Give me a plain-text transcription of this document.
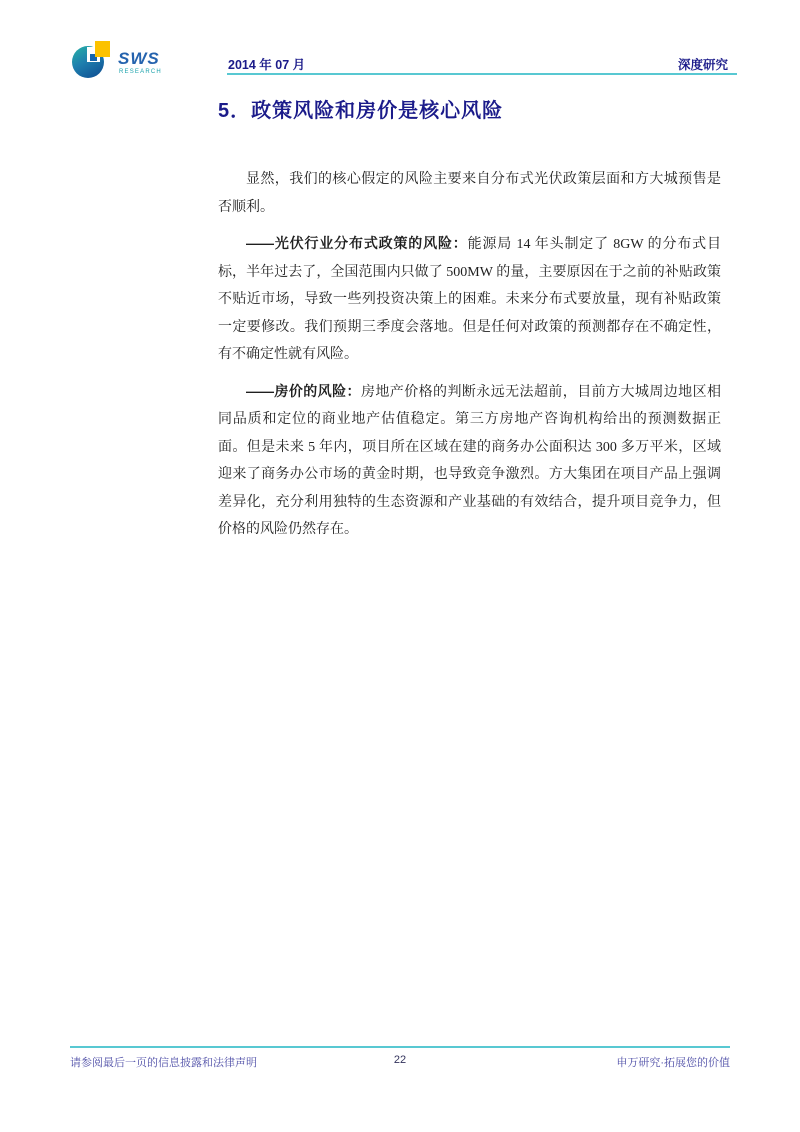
SWS
RESEARCH	2014 年 07 月	深度研究
5．政策风险和房价是核心风险

显然，我们的核心假定的风险主要来自分布式光伏政策层面和方大城预售是否顺利。

——光伏行业分布式政策的风险：能源局 14 年头制定了 8GW 的分布式目标，半年过去了，全国范围内只做了 500MW 的量，主要原因在于之前的补贴政策不贴近市场，导致一些列投资决策上的困难。未来分布式要放量，现有补贴政策一定要修改。我们预期三季度会落地。但是任何对政策的预测都存在不确定性，有不确定性就有风险。

——房价的风险：房地产价格的判断永远无法超前，目前方大城周边地区相同品质和定位的商业地产估值稳定。第三方房地产咨询机构给出的预测数据正面。但是未来 5 年内，项目所在区域在建的商务办公面积达 300 多万平米，区域迎来了商务办公市场的黄金时期，也导致竞争激烈。方大集团在项目产品上强调差异化，充分利用独特的生态资源和产业基础的有效结合，提升项目竞争力，但价格的风险仍然存在。

请参阅最后一页的信息披露和法律声明	22	申万研究·拓展您的价值
